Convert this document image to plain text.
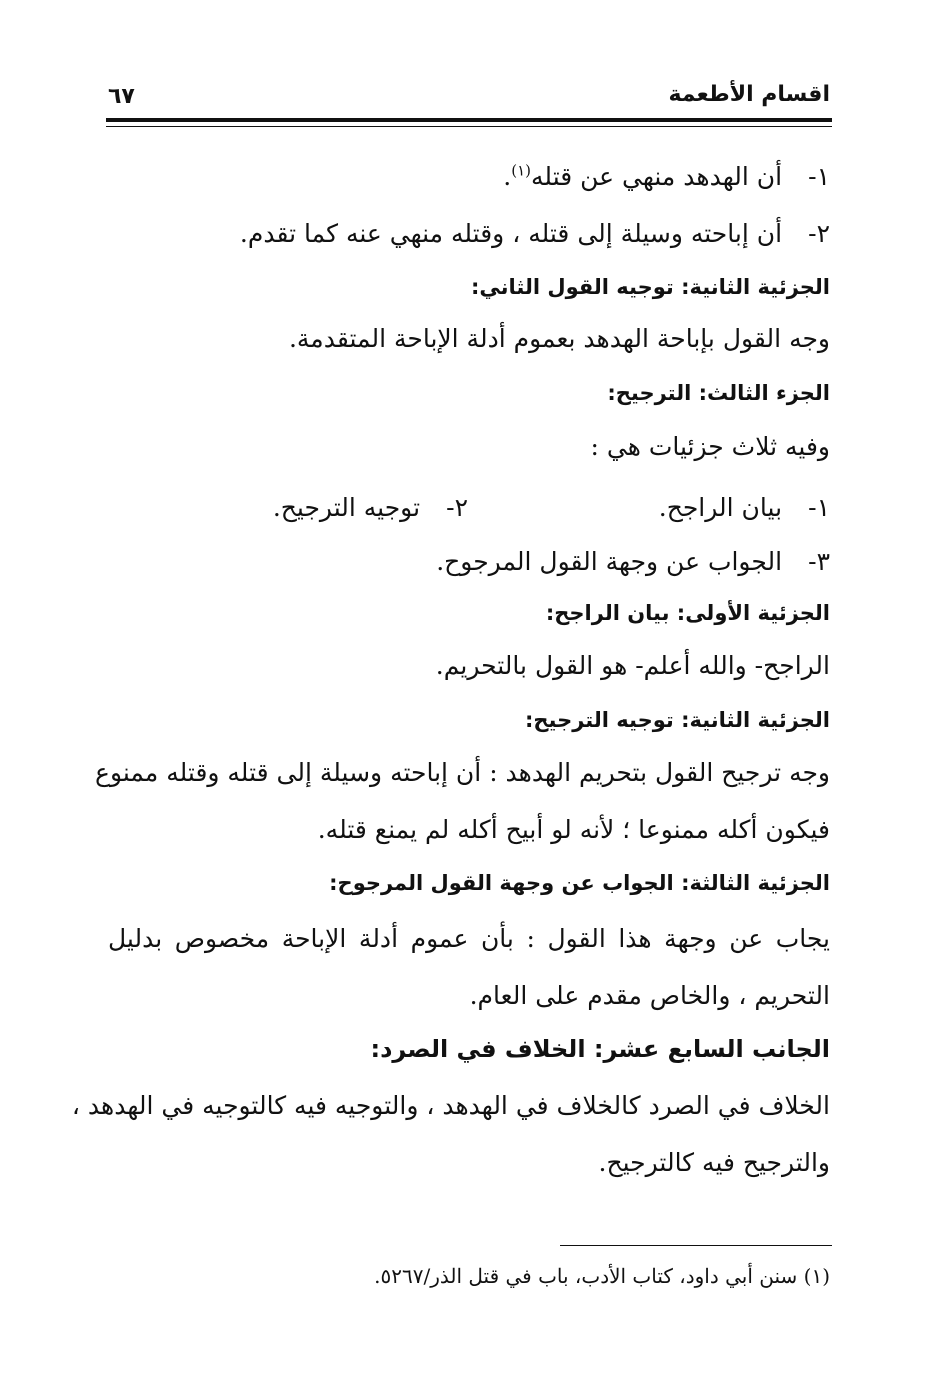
اقسام الأطعمة
٦٧
١- أن الهدهد منهي عن قتله$^{(١)}$.
٢- أن إباحته وسيلة إلى قتله ، وقتله منهي عنه كما تقدم.
الجزئية الثانية: توجيه القول الثاني:
وجه القول بإباحة الهدهد بعموم أدلة الإباحة المتقدمة.
الجزء الثالث: الترجيح:
وفيه ثلاث جزئيات هي :
١- بيان الراجح.
٢- توجيه الترجيح.
٣- الجواب عن وجهة القول المرجوح.
الجزئية الأولى: بيان الراجح:
الراجح- والله أعلم- هو القول بالتحريم.
الجزئية الثانية: توجيه الترجيح:
وجه ترجيح القول بتحريم الهدهد : أن إباحته وسيلة إلى قتله وقتله ممنوع
فيكون أكله ممنوعا ؛ لأنه لو أبيح أكله لم يمنع قتله.
الجزئية الثالثة: الجواب عن وجهة القول المرجوح:
يجاب عن وجهة هذا القول : بأن عموم أدلة الإباحة مخصوص بدليل
التحريم ، والخاص مقدم على العام.
الجانب السابع عشر: الخلاف في الصرد:
الخلاف في الصرد كالخلاف في الهدهد ، والتوجيه فيه كالتوجيه في الهدهد ،
والترجيح فيه كالترجيح.
(١) سنن أبي داود، كتاب الأدب، باب في قتل الذر/٥٢٦٧.
